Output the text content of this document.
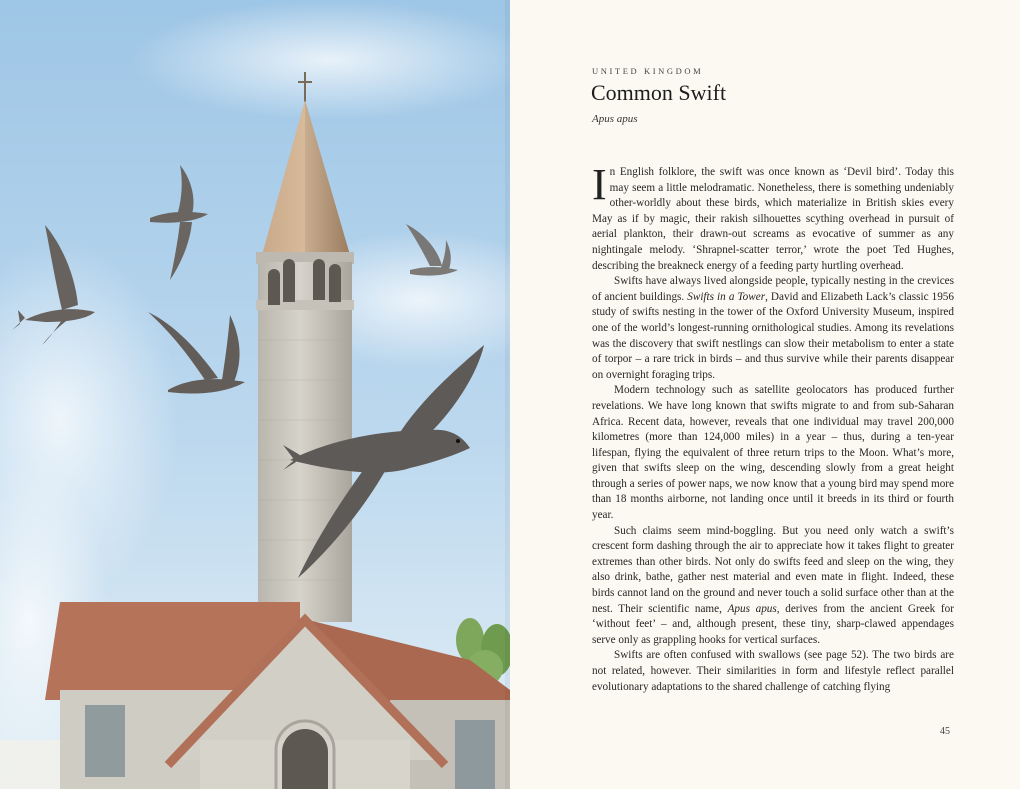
UNITED KINGDOM
Common Swift
Apus apus

In English folklore, the swift was once known as ‘Devil bird’. Today this may seem a little melodramatic. Nonetheless, there is something undeniably other-worldly about these birds, which materialize in British skies every May as if by magic, their rakish silhouettes scything overhead in pursuit of aerial plankton, their drawn-out screams as evocative of summer as any nightingale melody. ‘Shrapnel-scatter terror,’ wrote the poet Ted Hughes, describing the breakneck energy of a feeding party hurtling overhead.

Swifts have always lived alongside people, typically nesting in the crevices of ancient buildings. Swifts in a Tower, David and Elizabeth Lack’s classic 1956 study of swifts nesting in the tower of the Oxford University Museum, inspired one of the world’s longest-running ornithological studies. Among its revelations was the discovery that swift nestlings can slow their metabolism to enter a state of torpor – a rare trick in birds – and thus survive while their parents disappear on overnight foraging trips.

Modern technology such as satellite geolocators has produced further revelations. We have long known that swifts migrate to and from sub-Saharan Africa. Recent data, however, reveals that one individual may travel 200,000 kilometres (more than 124,000 miles) in a year – thus, during a ten-year lifespan, flying the equivalent of three return trips to the Moon. What’s more, given that swifts sleep on the wing, descending slowly from a great height through a series of power naps, we now know that a young bird may spend more than 18 months airborne, not landing once until it breeds in its third or fourth year.

Such claims seem mind-boggling. But you need only watch a swift’s crescent form dashing through the air to appreciate how it takes flight to greater extremes than other birds. Not only do swifts feed and sleep on the wing, they also drink, bathe, gather nest material and even mate in flight. Indeed, these birds cannot land on the ground and never touch a solid surface other than at the nest. Their scientific name, Apus apus, derives from the ancient Greek for ‘without feet’ – and, although present, these tiny, sharp-clawed appendages serve only as grappling hooks for vertical surfaces.

Swifts are often confused with swallows (see page 52). The two birds are not related, however. Their similarities in form and lifestyle reflect parallel evolutionary adaptations to the shared challenge of catching flying

45
